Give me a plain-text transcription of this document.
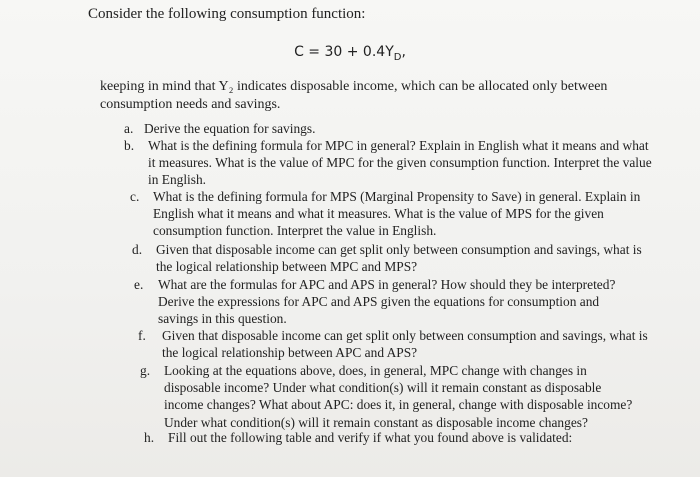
Consider the following consumption function:
$C = 30 + 0.4Y_D$,
keeping in mind that Y₂ indicates disposable income, which can be allocated only between consumption needs and savings.
a. Derive the equation for savings.
b. What is the defining formula for MPC in general? Explain in English what it means and what it measures. What is the value of MPC for the given consumption function. Interpret the value in English.
c. What is the defining formula for MPS (Marginal Propensity to Save) in general. Explain in English what it means and what it measures. What is the value of MPS for the given consumption function. Interpret the value in English.
d. Given that disposable income can get split only between consumption and savings, what is the logical relationship between MPC and MPS?
e. What are the formulas for APC and APS in general? How should they be interpreted? Derive the expressions for APC and APS given the equations for consumption and savings in this question.
f. Given that disposable income can get split only between consumption and savings, what is the logical relationship between APC and APS?
g. Looking at the equations above, does, in general, MPC change with changes in disposable income? Under what condition(s) will it remain constant as disposable income changes? What about APC: does it, in general, change with disposable income? Under what condition(s) will it remain constant as disposable income changes?
h. Fill out the following table and verify if what you found above is validated:
